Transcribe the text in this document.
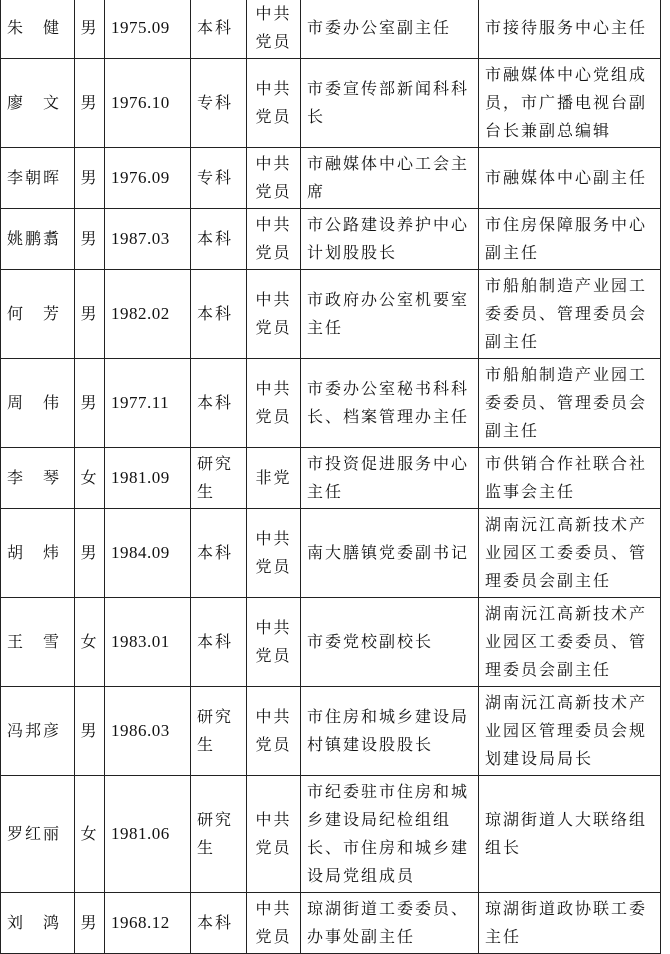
朱　健	男	1975.09	本科	中共党员	市委办公室副主任	市接待服务中心主任
廖　文	男	1976.10	专科	中共党员	市委宣传部新闻科科长	市融媒体中心党组成员，市广播电视台副台长兼副总编辑
李朝晖	男	1976.09	专科	中共党员	市融媒体中心工会主席	市融媒体中心副主任
姚鹏翥	男	1987.03	本科	中共党员	市公路建设养护中心计划股股长	市住房保障服务中心副主任
何　芳	男	1982.02	本科	中共党员	市政府办公室机要室主任	市船舶制造产业园工委委员、管理委员会副主任
周　伟	男	1977.11	本科	中共党员	市委办公室秘书科科长、档案管理办主任	市船舶制造产业园工委委员、管理委员会副主任
李　琴	女	1981.09	研究生	非党	市投资促进服务中心主任	市供销合作社联合社监事会主任
胡　炜	男	1984.09	本科	中共党员	南大膳镇党委副书记	湖南沅江高新技术产业园区工委委员、管理委员会副主任
王　雪	女	1983.01	本科	中共党员	市委党校副校长	湖南沅江高新技术产业园区工委委员、管理委员会副主任
冯邦彦	男	1986.03	研究生	中共党员	市住房和城乡建设局村镇建设股股长	湖南沅江高新技术产业园区管理委员会规划建设局局长
罗红丽	女	1981.06	研究生	中共党员	市纪委驻市住房和城乡建设局纪检组组长、市住房和城乡建设局党组成员	琼湖街道人大联络组组长
刘　鸿	男	1968.12	本科	中共党员	琼湖街道工委委员、办事处副主任	琼湖街道政协联工委主任
